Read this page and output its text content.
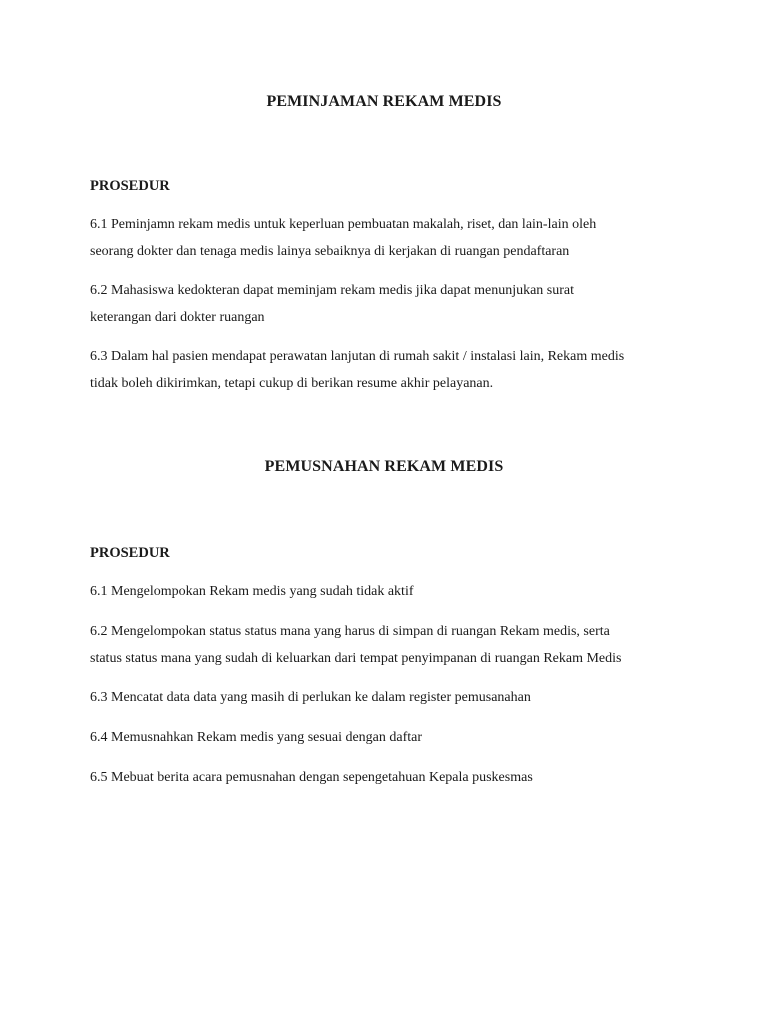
PEMINJAMAN REKAM MEDIS
PROSEDUR

6.1 Peminjamn rekam medis untuk keperluan pembuatan makalah, riset, dan lain-lain oleh
seorang dokter dan tenaga medis lainya sebaiknya di kerjakan di ruangan pendaftaran

6.2 Mahasiswa kedokteran dapat meminjam rekam medis jika dapat menunjukan surat
keterangan dari dokter ruangan

6.3 Dalam hal pasien mendapat perawatan lanjutan di rumah sakit / instalasi lain, Rekam medis
tidak boleh dikirimkan, tetapi cukup di berikan resume akhir pelayanan.

PEMUSNAHAN REKAM MEDIS
PROSEDUR

6.1 Mengelompokan Rekam medis yang sudah tidak aktif

6.2 Mengelompokan status status mana yang harus di simpan di ruangan Rekam medis, serta
status status mana yang sudah di keluarkan dari tempat penyimpanan di ruangan Rekam Medis

6.3 Mencatat data data yang masih di perlukan ke dalam register pemusanahan

6.4 Memusnahkan Rekam medis yang sesuai dengan daftar

6.5 Mebuat berita acara pemusnahan dengan sepengetahuan Kepala puskesmas
